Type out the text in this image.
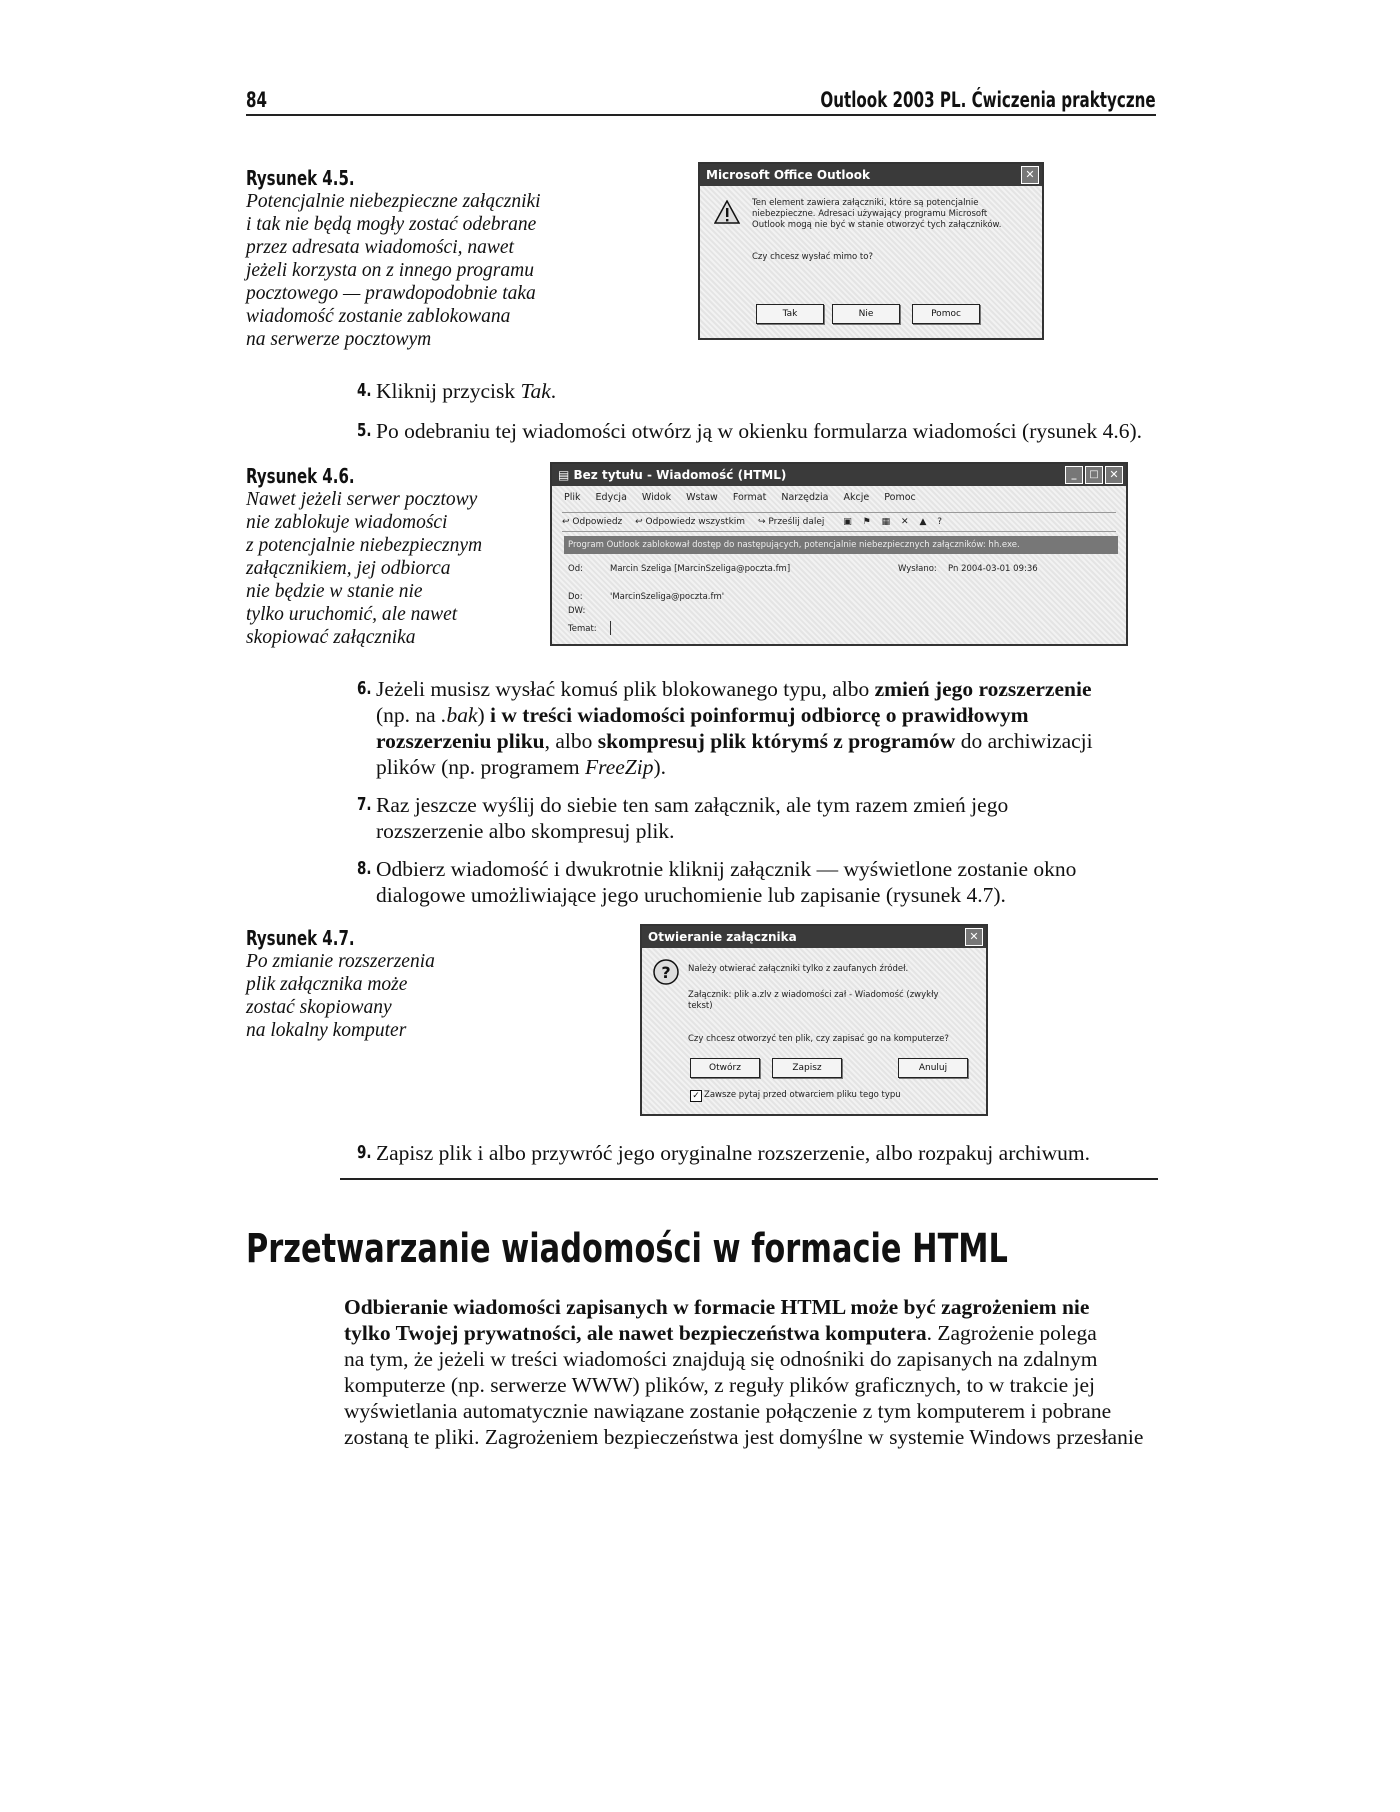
84	Outlook 2003 PL. Ćwiczenia praktyczne
Rysunek 4.5.
Potencjalnie niebezpieczne załączniki
i tak nie będą mogły zostać odebrane
przez adresata wiadomości, nawet
jeżeli korzysta on z innego programu
pocztowego — prawdopodobnie taka
wiadomość zostanie zablokowana
na serwerze pocztowym
Microsoft Office Outlook	✕
Ten element zawiera załączniki, które są potencjalnie
niebezpieczne. Adresaci używający programu Microsoft
Outlook mogą nie być w stanie otworzyć tych załączników.
Czy chcesz wysłać mimo to?
Tak	Nie	Pomoc
4. Kliknij przycisk Tak.
5. Po odebraniu tej wiadomości otwórz ją w okienku formularza wiadomości (rysunek 4.6).
Rysunek 4.6.
Nawet jeżeli serwer pocztowy
nie zablokuje wiadomości
z potencjalnie niebezpiecznym
załącznikiem, jej odbiorca
nie będzie w stanie nie
tylko uruchomić, ale nawet
skopiować załącznika
▤ Bez tytułu - Wiadomość (HTML)	_	□ ✕
Plik Edycja Widok Wstaw Format Narzędzia Akcje Pomoc
↩ Odpowiedz ↩ Odpowiedz wszystkim ↪ Prześlij dalej ▣ ⚑ ▦ ✕ ▲ ?
Program Outlook zablokował dostęp do następujących, potencjalnie niebezpiecznych załączników: hh.exe.
Od:	Marcin Szeliga [MarcinSzeliga@poczta.fm]	Wysłano: Pn 2004-03-01 09:36
Do:	'MarcinSzeliga@poczta.fm'
DW:
Temat:
6. Jeżeli musisz wysłać komuś plik blokowanego typu, albo zmień jego rozszerzenie
(np. na .bak) i w treści wiadomości poinformuj odbiorcę o prawidłowym
rozszerzeniu pliku, albo skompresuj plik którymś z programów do archiwizacji
plików (np. programem FreeZip).
7. Raz jeszcze wyślij do siebie ten sam załącznik, ale tym razem zmień jego
rozszerzenie albo skompresuj plik.
8. Odbierz wiadomość i dwukrotnie kliknij załącznik — wyświetlone zostanie okno
dialogowe umożliwiające jego uruchomienie lub zapisanie (rysunek 4.7).
Rysunek 4.7.
Po zmianie rozszerzenia
plik załącznika może
zostać skopiowany
na lokalny komputer
Otwieranie załącznika	✕
? Należy otwierać załączniki tylko z zaufanych źródeł.
Załącznik: plik a.zlv z wiadomości zał - Wiadomość (zwykły
tekst)
Czy chcesz otworzyć ten plik, czy zapisać go na komputerze?
Otwórz	Zapisz	Anuluj
✓ Zawsze pytaj przed otwarciem pliku tego typu
9. Zapisz plik i albo przywróć jego oryginalne rozszerzenie, albo rozpakuj archiwum.
Przetwarzanie wiadomości w formacie HTML
Odbieranie wiadomości zapisanych w formacie HTML może być zagrożeniem nie
tylko Twojej prywatności, ale nawet bezpieczeństwa komputera. Zagrożenie polega
na tym, że jeżeli w treści wiadomości znajdują się odnośniki do zapisanych na zdalnym
komputerze (np. serwerze WWW) plików, z reguły plików graficznych, to w trakcie jej
wyświetlania automatycznie nawiązane zostanie połączenie z tym komputerem i pobrane
zostaną te pliki. Zagrożeniem bezpieczeństwa jest domyślne w systemie Windows przesłanie
